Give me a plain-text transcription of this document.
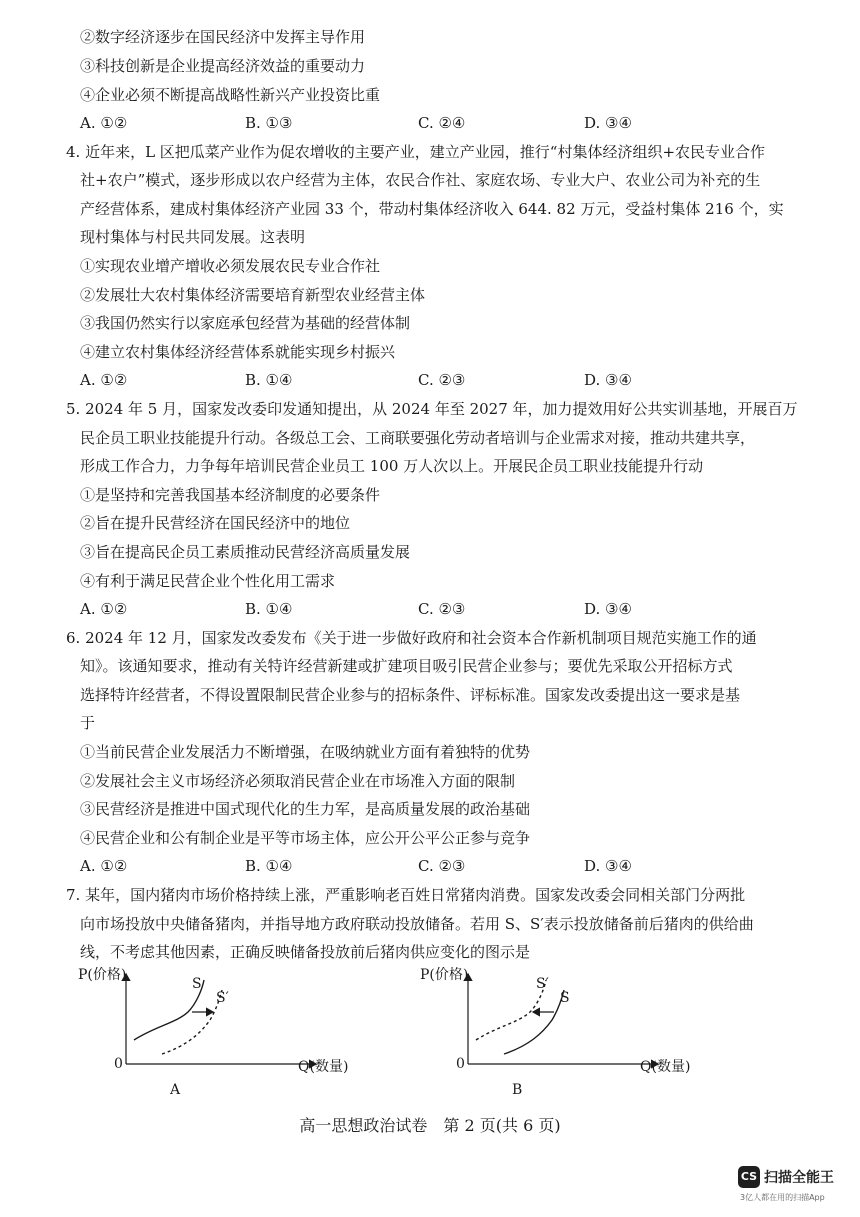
②数字经济逐步在国民经济中发挥主导作用
③科技创新是企业提高经济效益的重要动力
④企业必须不断提高战略性新兴产业投资比重
A. ①②	B. ①③	C. ②④	D. ③④
4. 近年来，L 区把瓜菜产业作为促农增收的主要产业，建立产业园，推行“村集体经济组织+农民专业合作
社+农户”模式，逐步形成以农户经营为主体，农民合作社、家庭农场、专业大户、农业公司为补充的生
产经营体系，建成村集体经济产业园 33 个，带动村集体经济收入 644. 82 万元，受益村集体 216 个，实
现村集体与村民共同发展。这表明
①实现农业增产增收必须发展农民专业合作社
②发展壮大农村集体经济需要培育新型农业经营主体
③我国仍然实行以家庭承包经营为基础的经营体制
④建立农村集体经济经营体系就能实现乡村振兴
A. ①②	B. ①④	C. ②③	D. ③④
5. 2024 年 5 月，国家发改委印发通知提出，从 2024 年至 2027 年，加力提效用好公共实训基地，开展百万
民企员工职业技能提升行动。各级总工会、工商联要强化劳动者培训与企业需求对接，推动共建共享，
形成工作合力，力争每年培训民营企业员工 100 万人次以上。开展民企员工职业技能提升行动
①是坚持和完善我国基本经济制度的必要条件
②旨在提升民营经济在国民经济中的地位
③旨在提高民企员工素质推动民营经济高质量发展
④有利于满足民营企业个性化用工需求
A. ①②	B. ①④	C. ②③	D. ③④
6. 2024 年 12 月，国家发改委发布《关于进一步做好政府和社会资本合作新机制项目规范实施工作的通
知》。该通知要求，推动有关特许经营新建或扩建项目吸引民营企业参与；要优先采取公开招标方式
选择特许经营者，不得设置限制民营企业参与的招标条件、评标标准。国家发改委提出这一要求是基
于
①当前民营企业发展活力不断增强，在吸纳就业方面有着独特的优势
②发展社会主义市场经济必须取消民营企业在市场准入方面的限制
③民营经济是推进中国式现代化的生力军，是高质量发展的政治基础
④民营企业和公有制企业是平等市场主体，应公开公平公正参与竞争
A. ①②	B. ①④	C. ②③	D. ③④
7. 某年，国内猪肉市场价格持续上涨，严重影响老百姓日常猪肉消费。国家发改委会同相关部门分两批
向市场投放中央储备猪肉，并指导地方政府联动投放储备。若用 S、S′表示投放储备前后猪肉的供给曲
线，不考虑其他因素，正确反映储备投放前后猪肉供应变化的图示是
P(价格)
S
S′
0	Q(数量)
A
P(价格)
S′
S
0	Q(数量)
B
高一思想政治试卷　第 2 页(共 6 页)
CS 扫描全能王
3亿人都在用的扫描App
